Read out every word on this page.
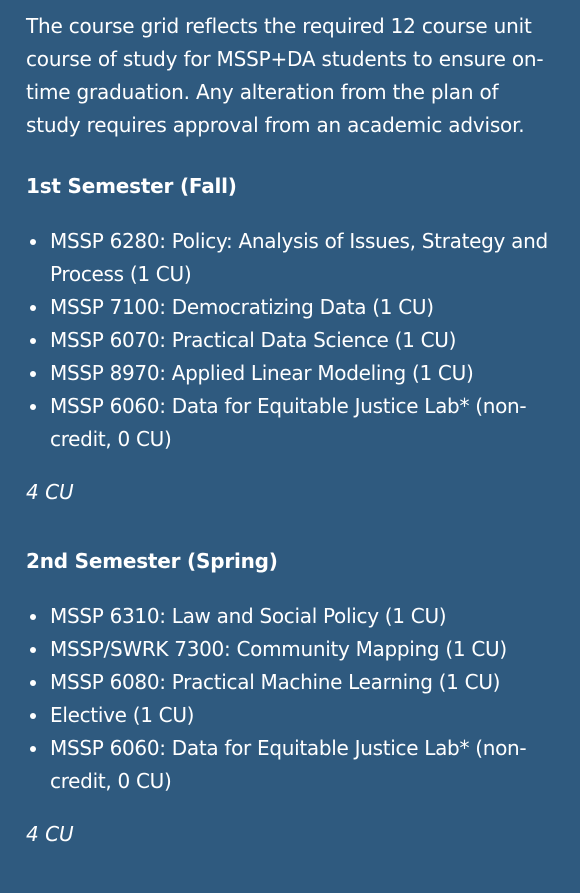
The course grid reflects the required 12 course unit course of study for MSSP+DA students to ensure on-time graduation. Any alteration from the plan of study requires approval from an academic advisor.

1st Semester (Fall)
MSSP 6280: Policy: Analysis of Issues, Strategy and Process (1 CU)
MSSP 7100: Democratizing Data (1 CU)
MSSP 6070: Practical Data Science (1 CU)
MSSP 8970: Applied Linear Modeling (1 CU)
MSSP 6060: Data for Equitable Justice Lab* (non-credit, 0 CU)

4 CU

2nd Semester (Spring)
MSSP 6310: Law and Social Policy (1 CU)
MSSP/SWRK 7300: Community Mapping (1 CU)
MSSP 6080: Practical Machine Learning (1 CU)
Elective (1 CU)
MSSP 6060: Data for Equitable Justice Lab* (non-credit, 0 CU)

4 CU
